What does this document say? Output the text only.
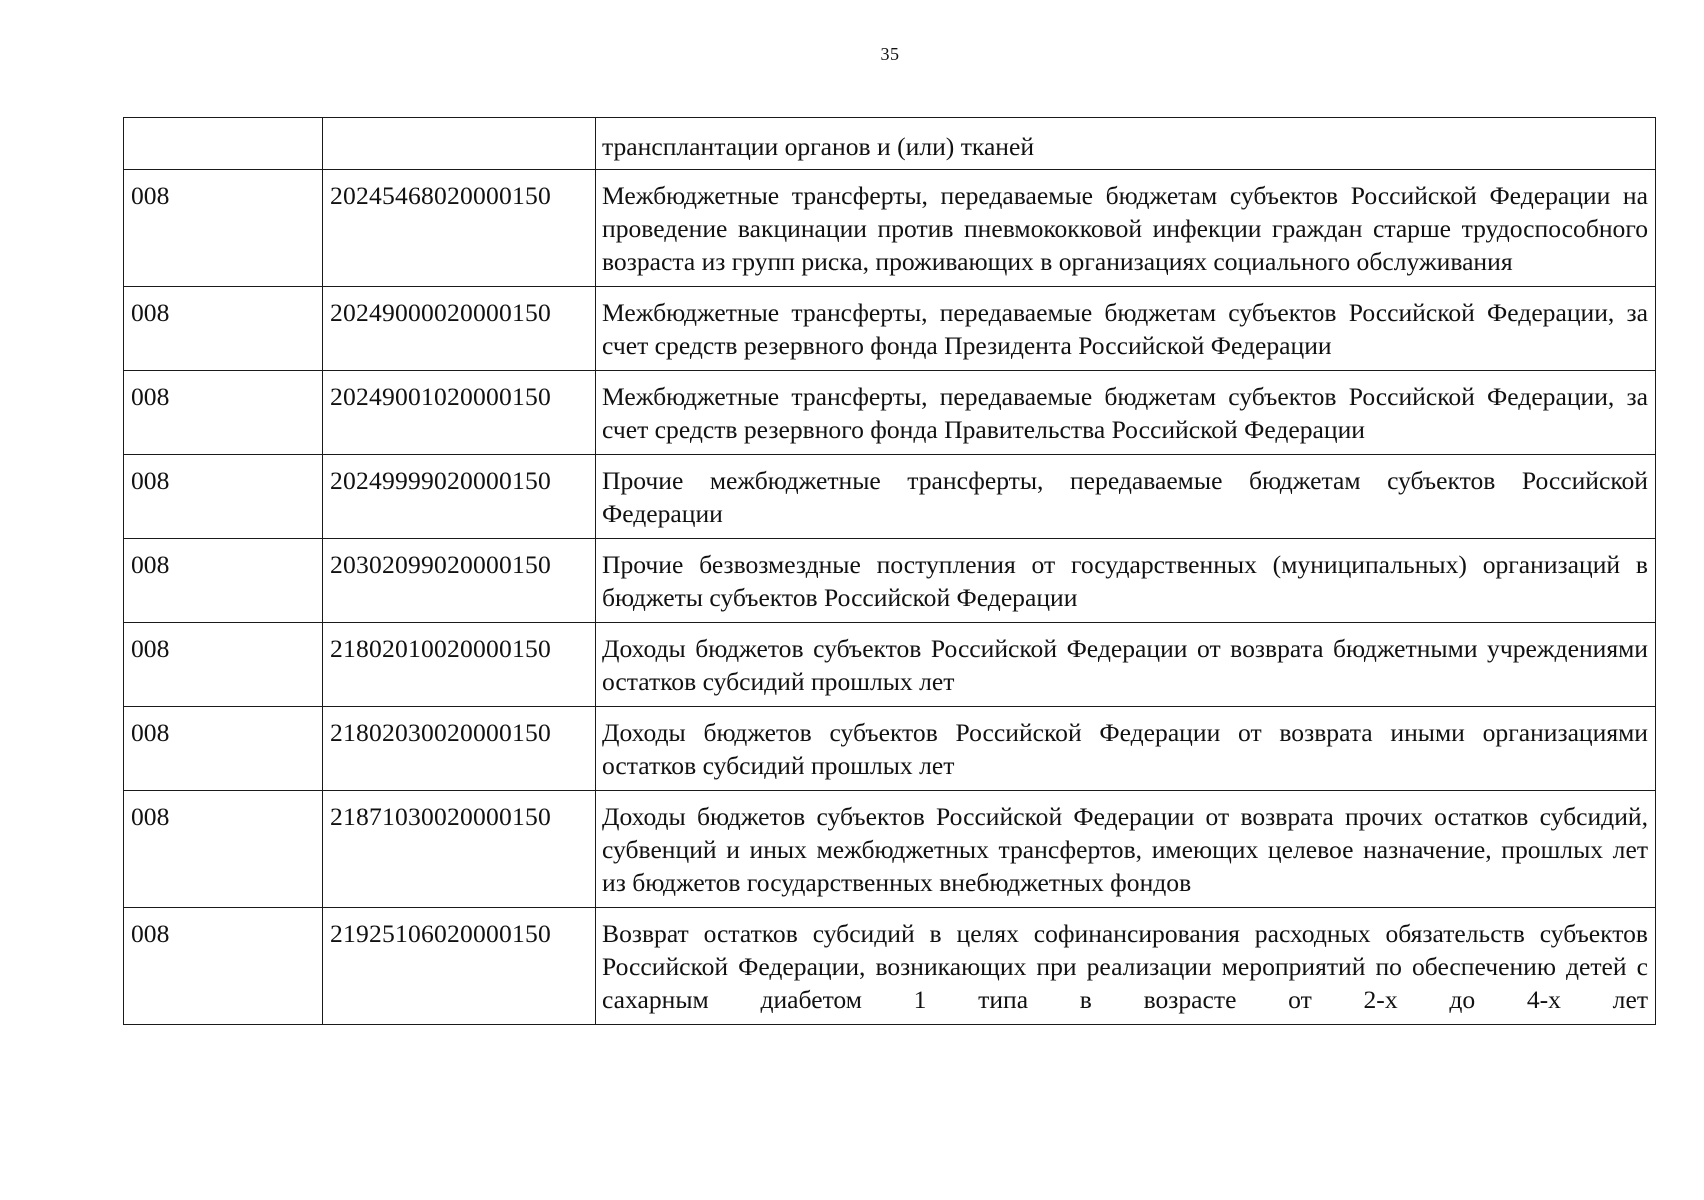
35
		трансплантации органов и (или) тканей
008	20245468020000150	Межбюджетные трансферты, передаваемые бюджетам субъектов Российской Федерации на проведение вакцинации против пневмококковой инфекции граждан старше трудоспособного возраста из групп риска, проживающих в организациях социального обслуживания
008	20249000020000150	Межбюджетные трансферты, передаваемые бюджетам субъектов Российской Федерации, за счет средств резервного фонда Президента Российской Федерации
008	20249001020000150	Межбюджетные трансферты, передаваемые бюджетам субъектов Российской Федерации, за счет средств резервного фонда Правительства Российской Федерации
008	20249999020000150	Прочие межбюджетные трансферты, передаваемые бюджетам субъектов Российской Федерации
008	20302099020000150	Прочие безвозмездные поступления от государственных (муниципальных) организаций в бюджеты субъектов Российской Федерации
008	21802010020000150	Доходы бюджетов субъектов Российской Федерации от возврата бюджетными учреждениями остатков субсидий прошлых лет
008	21802030020000150	Доходы бюджетов субъектов Российской Федерации от возврата иными организациями остатков субсидий прошлых лет
008	21871030020000150	Доходы бюджетов субъектов Российской Федерации от возврата прочих остатков субсидий, субвенций и иных межбюджетных трансфертов, имеющих целевое назначение, прошлых лет из бюджетов государственных внебюджетных фондов
008	21925106020000150	Возврат остатков субсидий в целях софинансирования расходных обязательств субъектов Российской Федерации, возникающих при реализации мероприятий по обеспечению детей с сахарным диабетом 1 типа в возрасте от 2-х до 4-х лет
